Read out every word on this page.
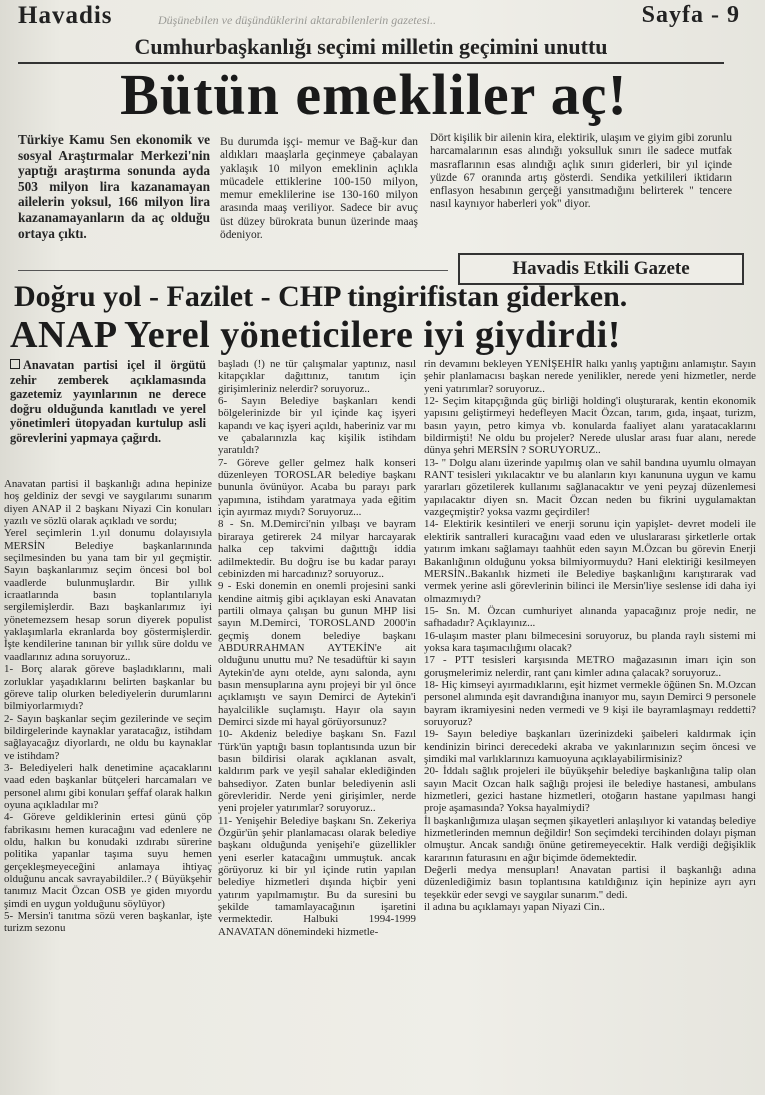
Havadis	Düşünebilen ve düşündüklerini aktarabilenlerin gazetesi..	Sayfa - 9
Cumhurbaşkanlığı seçimi milletin geçimini unuttu
Bütün emekliler aç!
Türkiye Kamu Sen ekonomik ve sosyal Araştırmalar Merkezi'nin yaptığı araştırma sonunda ayda 503 milyon lira kazanamayan ailelerin yoksul, 166 milyon lira kazanamayanların da aç olduğu ortaya çıktı.
Bu durumda işçi- memur ve Bağ-kur dan aldıkları maaşlarla geçinmeye çabalayan yaklaşık 10 milyon emeklinin açlıkla mücadele ettiklerine 100-150 milyon, memur emeklilerine ise 130-160 milyon arasında maaş veriliyor. Sadece bir avuç üst düzey bürokrata bunun üzerinde maaş ödeniyor.
Dört kişilik bir ailenin kira, elektirik, ulaşım ve giyim gibi zorunlu harcamalarının esas alındığı yoksulluk sınırı ile sadece mutfak masraflarının esas alındığı açlık sınırı giderleri, bir yıl içinde yüzde 67 oranında artış gösterdi. Sendika yetkilileri iktidarın enflasyon hesabının gerçeği yansıtmadığını belirterek " tencere nasıl kaynıyor haberleri yok" diyor.
Havadis Etkili Gazete
Doğru yol - Fazilet - CHP tingirifistan giderken.
ANAP Yerel yöneticilere iyi giydirdi!
Anavatan partisi içel il örgütü zehir zemberek açıklamasında gazetemiz yayınlarının ne derece doğru olduğunda kanıtladı ve yerel yönetimleri ütopyadan kurtulup asli görevlerini yapmaya çağırdı.

Anavatan partisi il başkanlığı adına hepinize hoş geldiniz der sevgi ve saygılarımı sunarım diyen ANAP il 2 başkanı Niyazi Cin konuları yazılı ve sözlü olarak açıkladı ve sordu;

Yerel seçimlerin 1.yıl donumu dolayısıyla MERSİN Belediye başkanlarınında seçilmesinden bu yana tam bir yıl geçmiştir. Sayın başkanlarımız seçim öncesi bol bol vaadlerde bulunmuşlardır. Bir yıllık icraatlarında basın toplantılarıyla sergilemişlerdir. Bazı başkanlarımız iyi yönetemezsem hesap sorun diyerek populist yaklaşımlarla ekranlarda boy göstermişlerdir. İşte kendilerine tanınan bir yıllık süre doldu ve vaadlarınız adına soruyoruz..

1- Borç alarak göreve başladıklarını, mali zorluklar yaşadıklarını belirten başkanlar bu göreve talip olurken belediyelerin durumlarını bilmiyorlarmıydı?

2- Sayın başkanlar seçim gezilerinde ve seçim bildirgelerinde kaynaklar yaratacağız, istihdam sağlayacağız diyorlardı, ne oldu bu kaynaklar ve istihdam?

3- Belediyeleri halk denetimine açacaklarını vaad eden başkanlar bütçeleri harcamaları ve personel alımı gibi konuları şeffaf olarak halkın oyuna açıkladılar mı?

4- Göreve geldiklerinin ertesi günü çöp fabrikasını hemen kuracağını vad edenlere ne oldu, halkın bu konudaki ızdırabı sürerine politika yapanlar taşıma suyu hemen gerçekleşmeyeceğini anlamaya ihtiyaç olduğunu ancak savrayabildiler..? ( Büyükşehir tanımız Macit Özcan OSB ye giden mıyordu şimdi en uygun yolduğunu söylüyor)

5- Mersin'i tanıtma sözü veren başkanlar, işte turizm sezonu

başladı (!) ne tür çalışmalar yaptınız, nasıl kitapçıklar dağıttınız, tanıtım için girişimleriniz nelerdir? soruyoruz..

6- Sayın Belediye başkanları kendi bölgelerinizde bir yıl içinde kaç işyeri kapandı ve kaç işyeri açıldı, haberiniz var mı ve çabalarınızla kaç kişilik istihdam yaratıldı?

7- Göreve geller gelmez halk konseri düzenleyen TOROSLAR belediye başkanı bununla övünüyor. Acaba bu parayı park yapımına, istihdam yaratmaya yada eğitim için ayırmaz mıydı? Soruyoruz...

8 - Sn. M.Demirci'nin yılbaşı ve bayram biraraya getirerek 24 milyar harcayarak halka cep takvimi dağıttığı iddia adilmektedir. Bu doğru ise bu kadar parayı cebinizden mi harcadınız? soruyoruz..

9 - Eski donemin en onemli projesini sanki kendine aitmiş gibi açıklayan eski Anavatan partili olmaya çalışan bu gunun MHP lisi sayın M.Demirci, TOROSLAND 2000'in geçmiş donem belediye başkanı ABDURRAHMAN AYTEKİN'e ait olduğunu unuttu mu? Ne tesadüftür ki sayın Aytekin'de aynı otelde, aynı salonda, aynı basın mensuplarına aynı projeyi bir yıl önce açıklamıştı ve sayın Demirci de Aytekin'i hayalcilikle suçlamıştı. Hayır ola sayın Demirci sizde mi hayal görüyorsunuz?

10- Akdeniz belediye başkanı Sn. Fazıl Türk'ün yaptığı basın toplantısında uzun bir basın bildirisi olarak açıklanan asvalt, kaldırım park ve yeşil sahalar eklediğinden bahsediyor. Zaten bunlar belediyenin asli görevleridir. Nerde yeni girişimler, nerde yeni projeler yatırımlar? soruyoruz..

11- Yenişehir Belediye başkanı Sn. Zekeriya Özgür'ün şehir planlamacası olarak belediye başkanı olduğunda yenişehi'e güzellikler yeni eserler katacağını ummuştuk. ancak görüyoruz ki bir yıl içinde rutin yapılan belediye hizmetleri dışında hiçbir yeni yatırım yapılmamıştır. Bu da suresini bu şekilde tamamlayacağının işaretini vermektedir. Halbuki 1994-1999 ANAVATAN dönemindeki hizmetle-

rin devamını bekleyen YENİŞEHİR halkı yanlış yaptığını anlamıştır. Sayın şehir planlamacısı başkan nerede yenilikler, nerede yeni hizmetler, nerde yeni yatırımlar? soruyoruz..

12- Seçim kitapçığında güç birliği holding'i oluşturarak, kentin ekonomik yapısını geliştirmeyi hedefleyen Macit Özcan, tarım, gıda, inşaat, turizm, basın yayın, petro kimya vb. konularda faaliyet alanı yaratacaklarını bildirmişti! Ne oldu bu projeler? Nerede uluslar arası fuar alanı, nerede dünya şehri MERSİN ? SORUYORUZ..

13- " Dolgu alanı üzerinde yapılmış olan ve sahil bandına uyumlu olmayan RANT tesisleri yıkılacaktır ve bu alanların kıyı kanununa uygun ve kamu yararları gözetilerek kullanımı sağlanacaktır ve yeni peyzaj düzenlemesi yapılacaktır diyen sn. Macit Özcan neden bu fikrini uygulamaktan vazgeçmiştir? yoksa vazmı geçirdiler!

14- Elektirik kesintileri ve enerji sorunu için yapişlet- devret modeli ile elektirik santralleri kuracağını vaad eden ve uluslararası şirketlerle ortak yatırım imkanı sağlamayı taahhüt eden sayın M.Özcan bu görevin Enerji Bakanlığının olduğunu yoksa bilmiyormuydu? Hani elektiriği kesilmeyen MERSİN..Bakanlık hizmeti ile Belediye başkanlığını karıştırarak vad vermek yerine asli görevlerinin bilinci ile Mersin'liye seslense idi daha iyi olmazmıydı?

15- Sn. M. Özcan cumhuriyet alınanda yapacağınız proje nedir, ne safhadadır? Açıklayınız...

16-ulaşım master planı bilmecesini soruyoruz, bu planda raylı sistemi mi yoksa kara taşımacılığımı olacak?

17 - PTT tesisleri karşısında METRO mağazasının imarı için son goruşmelerimiz nelerdir, rant çanı kimler adına çalacak? soruyoruz..

18- Hiç kimseyi ayırmadıklarını, eşit hizmet vermekle öğünen Sn. M.Ozcan personel alımında eşit davrandığına inanıyor mu, sayın Demirci 9 personele bayram ikramiyesini neden vermedi ve 9 kişi ile bayramlaşmayı reddetti? soruyoruz?

19- Sayın belediye başkanları üzerinizdeki şaibeleri kaldırmak için kendinizin birinci derecedeki akraba ve yakınlarınızın seçim öncesi ve şimdiki mal varlıklarınızı kamuoyuna açıklayabilirmisiniz?

20- İddalı sağlık projeleri ile büyükşehir belediye başkanlığına talip olan sayın Macit Ozcan halk sağlığı projesi ile belediye hastanesi, ambulans hizmetleri, gezici hastane hizmetleri, otoğarın hastane yapılması hangi proje aşamasında? Yoksa hayalmiydi?

İl başkanlığımıza ulaşan seçmen şikayetleri anlaşılıyor ki vatandaş belediye hizmetlerinden memnun değildir! Son seçimdeki tercihinden dolayı pişman olmuştur. Ancak sandığı önüne getiremeyecektir. Halk verdiği değişiklik kararının faturasını en ağır biçimde ödemektedir.

Değerli medya mensupları! Anavatan partisi il başkanlığı adına düzenlediğimiz basın toplantısına katıldığınız için hepinize ayrı ayrı teşekkür eder sevgi ve saygılar sunarım." dedi.

il adına bu açıklamayı yapan Niyazi Cin..
